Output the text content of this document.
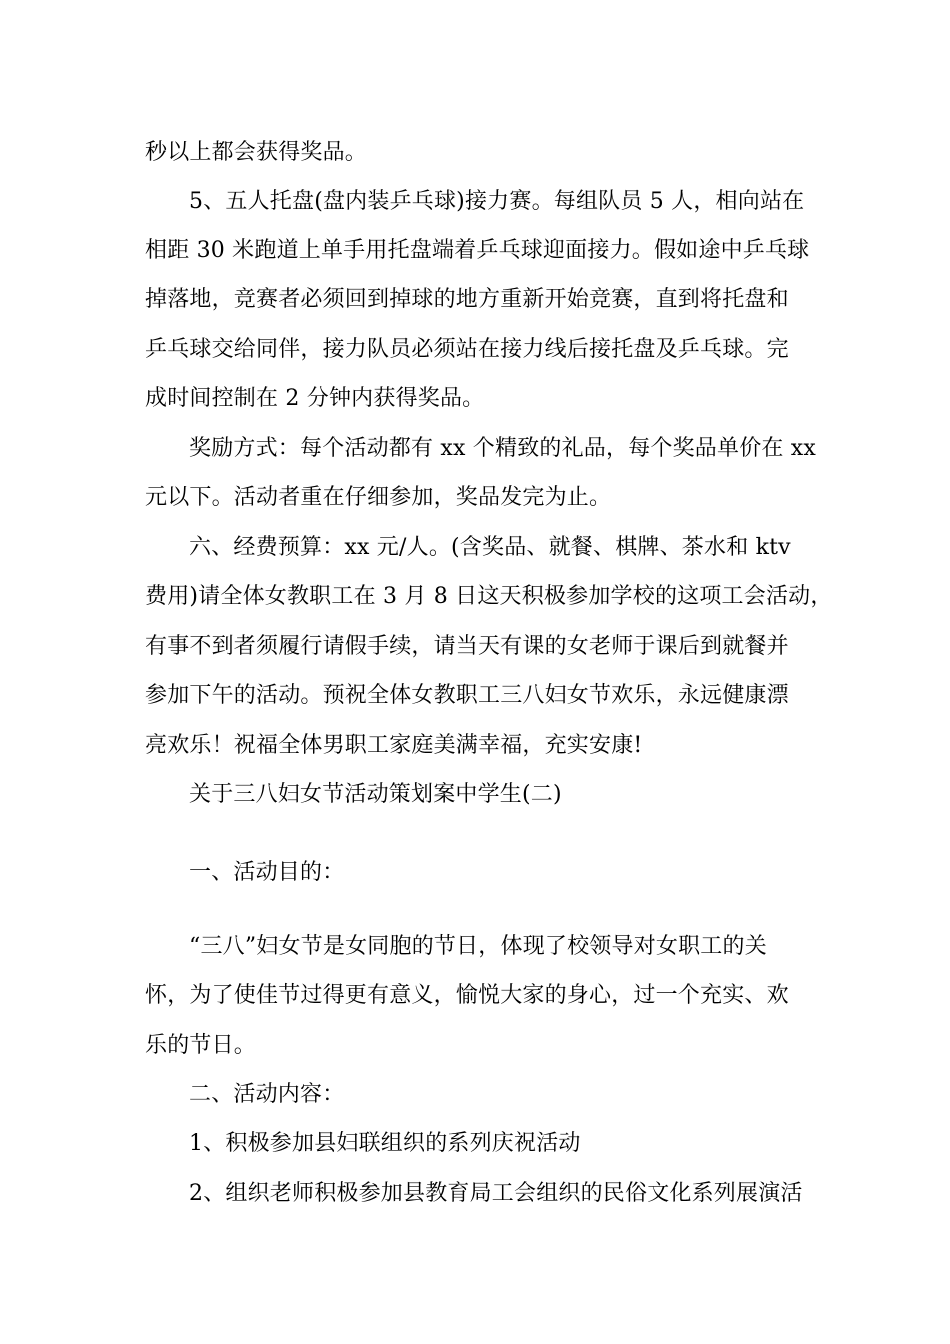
秒以上都会获得奖品。
5、五人托盘(盘内装乒乓球)接力赛。每组队员 5 人，相向站在
相距 30 米跑道上单手用托盘端着乒乓球迎面接力。假如途中乒乓球
掉落地，竞赛者必须回到掉球的地方重新开始竞赛，直到将托盘和
乒乓球交给同伴，接力队员必须站在接力线后接托盘及乒乓球。完
成时间控制在 2 分钟内获得奖品。
奖励方式：每个活动都有 xx 个精致的礼品，每个奖品单价在 xx
元以下。活动者重在仔细参加，奖品发完为止。
六、经费预算：xx 元/人。(含奖品、就餐、棋牌、茶水和 ktv
费用)请全体女教职工在 3 月 8 日这天积极参加学校的这项工会活动，
有事不到者须履行请假手续，请当天有课的女老师于课后到就餐并
参加下午的活动。预祝全体女教职工三八妇女节欢乐，永远健康漂
亮欢乐！祝福全体男职工家庭美满幸福，充实安康!
关于三八妇女节活动策划案中学生(二)
一、活动目的：
“三八”妇女节是女同胞的节日，体现了校领导对女职工的关
怀，为了使佳节过得更有意义，愉悦大家的身心，过一个充实、欢
乐的节日。
二、活动内容：
1、积极参加县妇联组织的系列庆祝活动
2、组织老师积极参加县教育局工会组织的民俗文化系列展演活
